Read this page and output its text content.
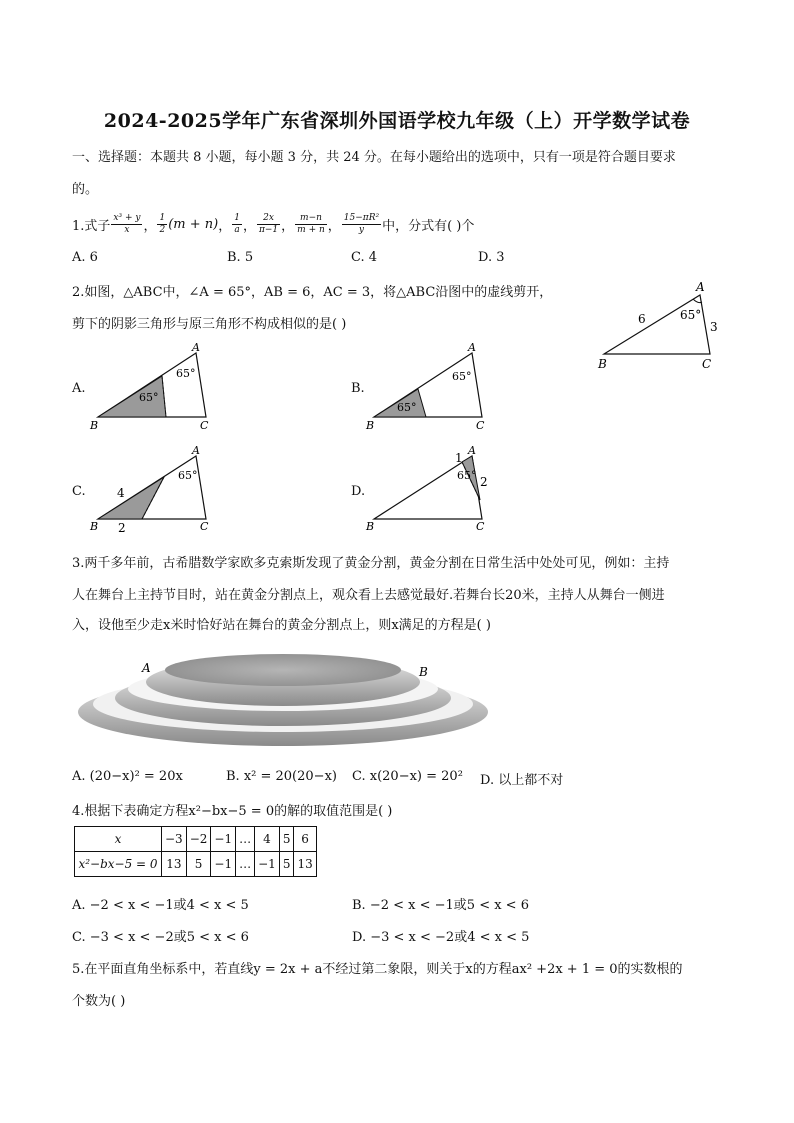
2024-2025学年广东省深圳外国语学校九年级（上）开学数学试卷
一、选择题：本题共 8 小题，每小题 3 分，共 24 分。在每小题给出的选项中，只有一项是符合题目要求
的。
1.式子 $\frac{\text{x³ + y}}{x}$ ， $\frac{1}{2} (m + n)$ ， $\frac{1}{a}$ ， $\frac{2x}{\pi-1}$ ， $\frac{m-n}{m + n}$ ， $\frac{\text{15−πR²}}{y}$ 中，分式有( )个
A. 6	B. 5	C. 4	D. 3
2.如图，△ABC中，∠A = 65°，AB = 6，AC = 3，将△ABC沿图中的虚线剪开，
剪下的阴影三角形与原三角形不构成相似的是( )
A
B	C
65°
6
3
A.
A
B	C
65°
65°
B.
A
B	C
65°
65°
C.
A
B	C
65°
4
2
D.
A
B	C
65°
1
2
3.两千多年前，古希腊数学家欧多克索斯发现了黄金分割，黄金分割在日常生活中处处可见，例如：主持
人在舞台上主持节目时，站在黄金分割点上，观众看上去感觉最好.若舞台长20米，主持人从舞台一侧进
入，设他至少走x米时恰好站在舞台的黄金分割点上，则x满足的方程是( )
A	B
A. (20−x)² = 20x	B. x² = 20(20−x) C. x(20−x) = 20² D. 以上都不对
4.根据下表确定方程x²−bx−5 = 0的解的取值范围是( )
x	−3	−2	−1	…	4	5	6
x²−bx−5 = 0	13	5	−1	…	−1	5	13
A. −2 < x < −1或4 < x < 5	B. −2 < x < −1或5 < x < 6
C. −3 < x < −2或5 < x < 6	D. −3 < x < −2或4 < x < 5
5.在平面直角坐标系中，若直线y = 2x + a不经过第二象限，则关于x的方程ax² +2x + 1 = 0的实数根的
个数为( )
